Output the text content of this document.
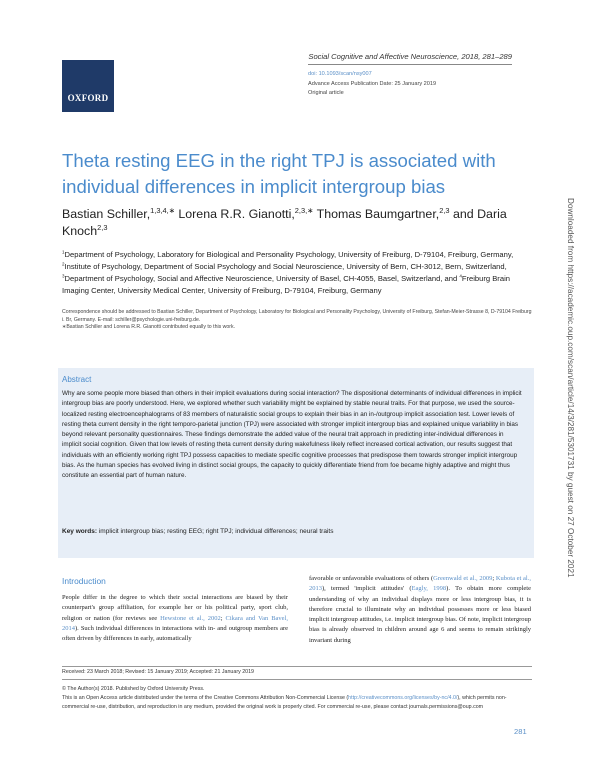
OXFORD
Social Cognitive and Affective Neuroscience, 2018, 281–289
doi: 10.1093/scan/nsy007
Advance Access Publication Date: 25 January 2019
Original article
Theta resting EEG in the right TPJ is associated with individual differences in implicit intergroup bias
Bastian Schiller,$^{1,3,4,∗}$ Lorena R.R. Gianotti,$^{2,3,∗}$ Thomas Baumgartner,$^{2,3}$ and Daria Knoch$^{2,3}$
$^1$Department of Psychology, Laboratory for Biological and Personality Psychology, University of Freiburg, D-79104, Freiburg, Germany, $^2$Institute of Psychology, Department of Social Psychology and Social Neuroscience, University of Bern, CH-3012, Bern, Switzerland, $^3$Department of Psychology, Social and Affective Neuroscience, University of Basel, CH-4055, Basel, Switzerland, and $^4$Freiburg Brain Imaging Center, University Medical Center, University of Freiburg, D-79104, Freiburg, Germany
Correspondence should be addressed to Bastian Schiller, Department of Psychology, Laboratory for Biological and Personality Psychology, University of Freiburg, Stefan-Meier-Strasse 8, D-79104 Freiburg i. Br, Germany. E-mail: schiller@psychologie.uni-freiburg.de.
∗Bastian Schiller and Lorena R.R. Gianotti contributed equally to this work.
Abstract
Why are some people more biased than others in their implicit evaluations during social interaction? The dispositional determinants of individual differences in implicit intergroup bias are poorly understood. Here, we explored whether such variability might be explained by stable neural traits. For that purpose, we used the source-localized resting electroencephalograms of 83 members of naturalistic social groups to explain their bias in an in-/outgroup implicit association test. Lower levels of resting theta current density in the right temporo-parietal junction (TPJ) were associated with stronger implicit intergroup bias and explained unique variability in bias beyond relevant personality questionnaires. These findings demonstrate the added value of the neural trait approach in predicting inter-individual differences in implicit social cognition. Given that low levels of resting theta current density during wakefulness likely reflect increased cortical activation, our results suggest that individuals with an efficiently working right TPJ possess capacities to mediate specific cognitive processes that predispose them towards stronger implicit intergroup bias. As the human species has evolved living in distinct social groups, the capacity to quickly differentiate friend from foe became highly adaptive and might thus constitute an essential part of human nature.
Key words: implicit intergroup bias; resting EEG; right TPJ; individual differences; neural traits
Introduction
People differ in the degree to which their social interactions are biased by their counterpart's group affiliation, for example her or his political party, sport club, religion or nation (for reviews see Hewstone et al., 2002; Cikara and Van Bavel, 2014). Such individual differences in interactions with in- and outgroup members are often driven by differences in early, automatically
favorable or unfavorable evaluations of others (Greenwald et al., 2009; Kubota et al., 2013), termed 'implicit attitudes' (Eagly, 1998). To obtain more complete understanding of why an individual displays more or less intergroup bias, it is therefore crucial to illuminate why an individual possesses more or less biased implicit intergroup attitudes, i.e. implicit intergroup bias. Of note, implicit intergroup bias is already observed in children around age 6 and seems to remain strikingly invariant during
Received: 23 March 2018; Revised: 15 January 2019; Accepted: 21 January 2019
© The Author(s) 2018. Published by Oxford University Press.
This is an Open Access article distributed under the terms of the Creative Commons Attribution Non-Commercial License (http://creativecommons.org/licenses/by-nc/4.0/), which permits non-commercial re-use, distribution, and reproduction in any medium, provided the original work is properly cited. For commercial re-use, please contact journals.permissions@oup.com
281
Downloaded from https://academic.oup.com/scan/article/14/3/281/5301731 by guest on 27 October 2021
